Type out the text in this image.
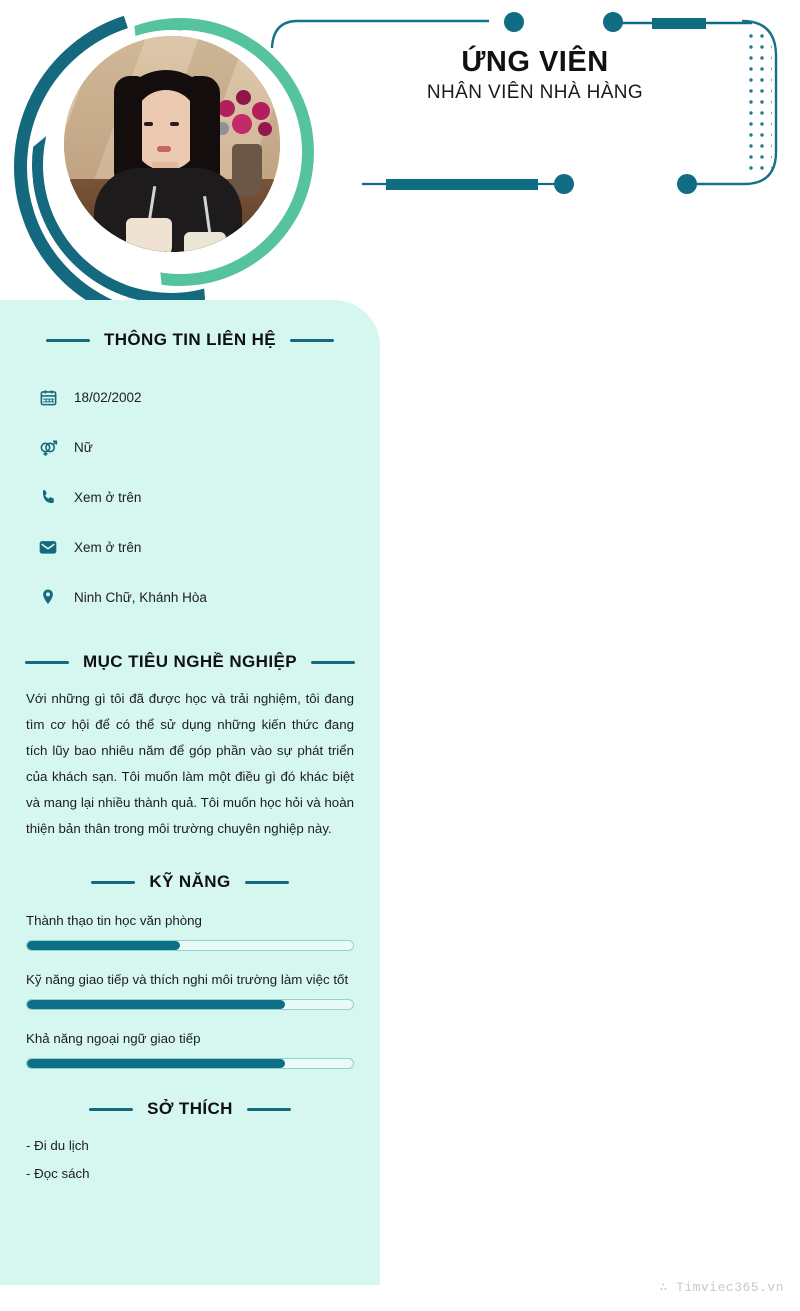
ỨNG VIÊN
NHÂN VIÊN NHÀ HÀNG
THÔNG TIN LIÊN HỆ
18/02/2002
Nữ
Xem ở trên
Xem ở trên
Ninh Chữ, Khánh Hòa
MỤC TIÊU NGHỀ NGHIỆP

Với những gì tôi đã được học và trải nghiệm, tôi đang tìm cơ hội để có thể sử dụng những kiến thức đang tích lũy bao nhiêu năm để góp phần vào sự phát triển của khách sạn. Tôi muốn làm một điều gì đó khác biệt và mang lại nhiều thành quả. Tôi muốn học hỏi và hoàn thiện bản thân trong môi trường chuyên nghiệp này.

KỸ NĂNG
Thành thạo tin học văn phòng
Kỹ năng giao tiếp và thích nghi môi trường làm việc tốt
Khả năng ngoại ngữ giao tiếp
SỞ THÍCH
- Đi du lịch
- Đọc sách
∴ Timviec365.vn
